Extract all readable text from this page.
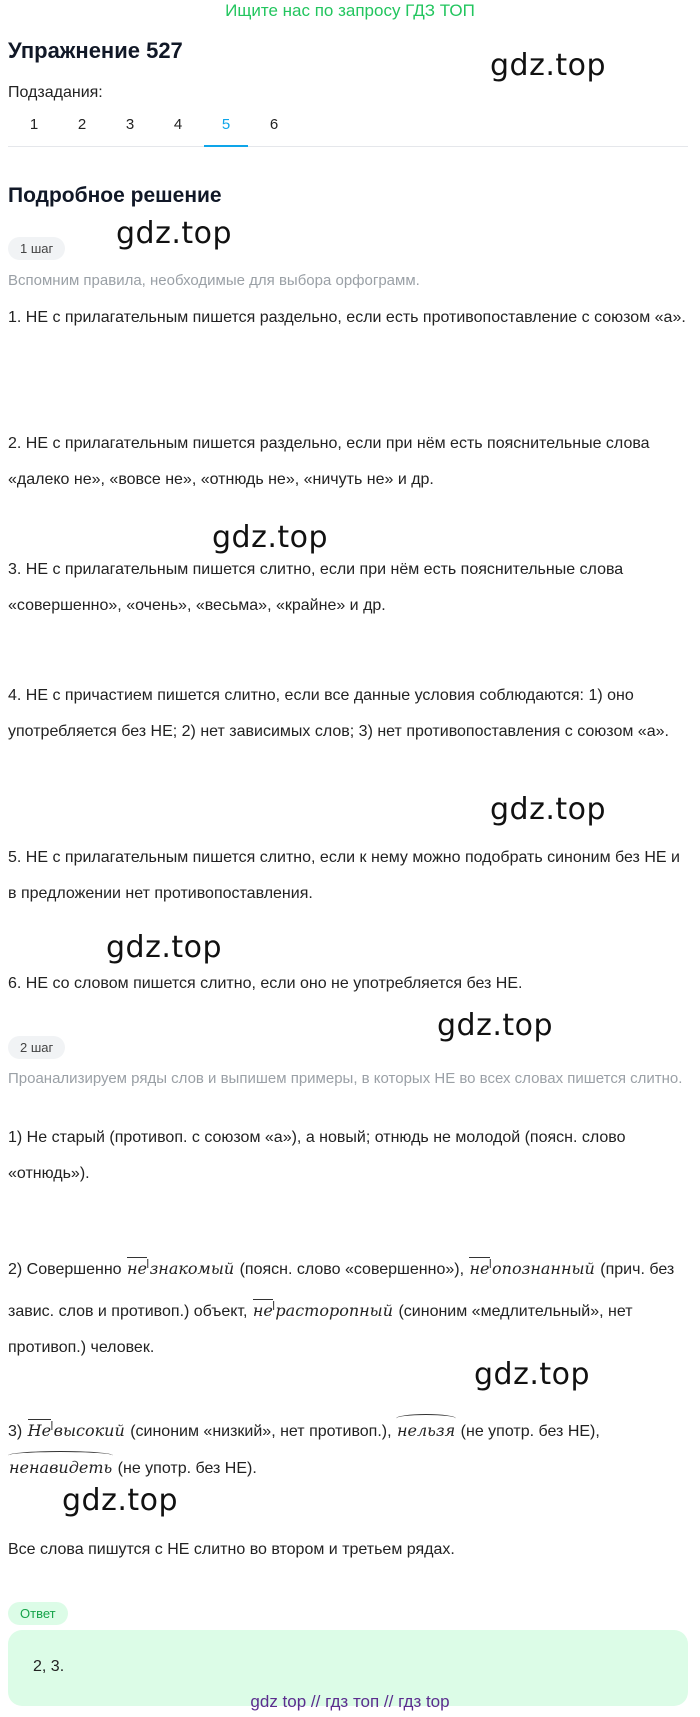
Ищите нас по запросу ГДЗ ТОП
Упражнение 527	gdz.top
Подзадания:
1	2	3	4	5	6
Подробное решение
1 шаг	gdz.top
Вспомним правила, необходимые для выбора орфограмм.
1. НЕ с прилагательным пишется раздельно, если есть противопоставление с союзом «а».
2. НЕ с прилагательным пишется раздельно, если при нём есть пояснительные слова «далеко не», «вовсе не», «отнюдь не», «ничуть не» и др.
gdz.top
3. НЕ с прилагательным пишется слитно, если при нём есть пояснительные слова «совершенно», «очень», «весьма», «крайне» и др.
4. НЕ с причастием пишется слитно, если все данные условия соблюдаются: 1) оно употребляется без НЕ; 2) нет зависимых слов; 3) нет противопоставления с союзом «а».
gdz.top
5. НЕ с прилагательным пишется слитно, если к нему можно подобрать синоним без НЕ и в предложении нет противопоставления.
gdz.top
6. НЕ со словом пишется слитно, если оно не употребляется без НЕ.
2 шаг
gdz.top
Проанализируем ряды слов и выпишем примеры, в которых НЕ во всех словах пишется слитно.
1) Не старый (противоп. с союзом «а»), а новый; отнюдь не молодой (поясн. слово «отнюдь»).
2) Совершенно $не^ǀзнакомый$ (поясн. слово «совершенно»), $не^ǀопознанный$ (прич. без завис. слов и противоп.) объект, $не^ǀрасторопный$ (синоним «медлительный», нет противоп.) человек.
gdz.top
3) $Не^ǀвысокий$ (синоним «низкий», нет противоп.),
нельзя (не употр. без НЕ),
ненавидеть (не употр. без НЕ).
gdz.top
Все слова пишутся с НЕ слитно во втором и третьем рядах.
Ответ
2, 3.
gdz top // гдз топ // гдз top
